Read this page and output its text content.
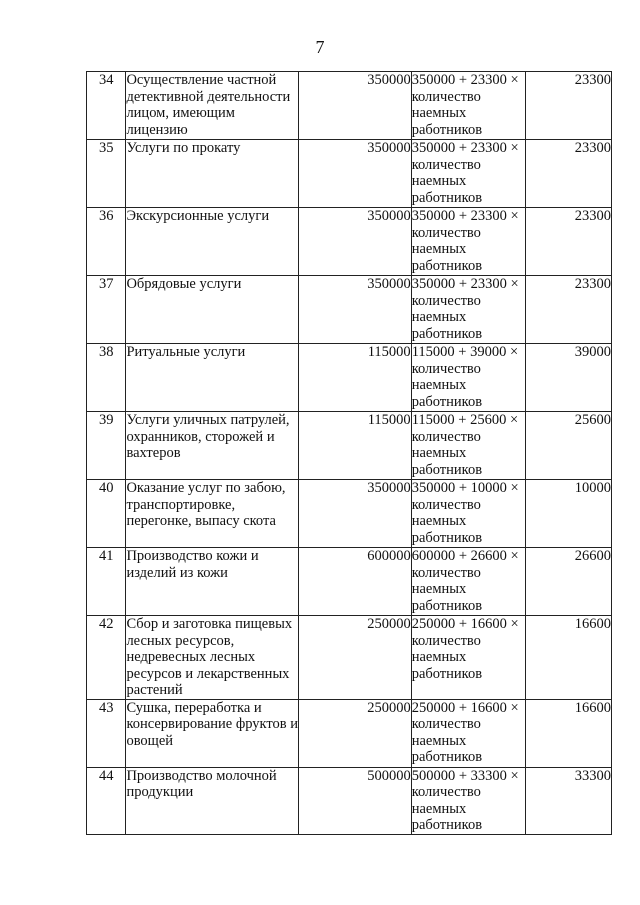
7
34	Осуществление частной детективной деятельности лицом, имеющим лицензию	350000	350000 + 23300 ×
количество
наемных
работников	23300
35	Услуги по прокату	350000	350000 + 23300 ×
количество
наемных
работников	23300
36	Экскурсионные услуги	350000	350000 + 23300 ×
количество
наемных
работников	23300
37	Обрядовые услуги	350000	350000 + 23300 ×
количество
наемных
работников	23300
38	Ритуальные услуги	115000	115000 + 39000 ×
количество
наемных
работников	39000
39	Услуги уличных патрулей, охранников, сторожей и вахтеров	115000	115000 + 25600 ×
количество
наемных
работников	25600
40	Оказание услуг по забою, транспортировке, перегонке, выпасу скота	350000	350000 + 10000 ×
количество
наемных
работников	10000
41	Производство кожи и изделий из кожи	600000	600000 + 26600 ×
количество
наемных
работников	26600
42	Сбор и заготовка пищевых лесных ресурсов, недревесных лесных ресурсов и лекарственных растений	250000	250000 + 16600 ×
количество
наемных
работников	16600
43	Сушка, переработка и консервирование фруктов и овощей	250000	250000 + 16600 ×
количество
наемных
работников	16600
44	Производство молочной продукции	500000	500000 + 33300 ×
количество
наемных
работников	33300
